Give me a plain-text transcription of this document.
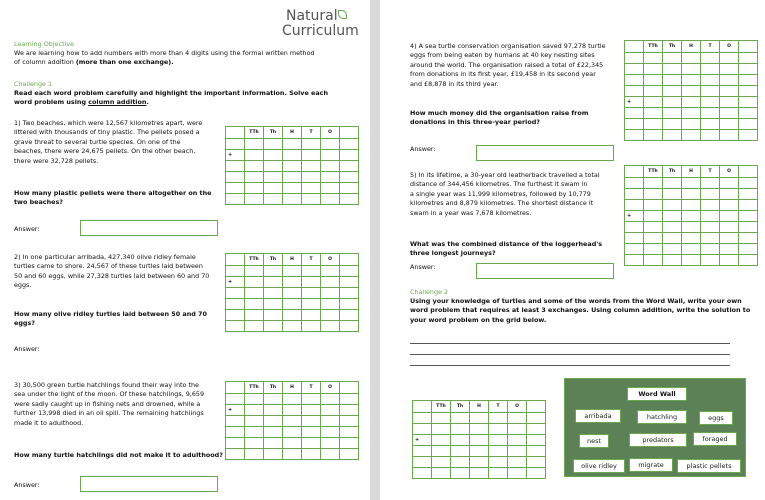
Natural
Curriculum
Learning Objective
We are learning how to add numbers with more than 4 digits using the formal written method
of column addition (more than one exchange).
Challenge 1
Read each word problem carefully and highlight the important information. Solve each
word problem using column addition.
1) Two beaches, which were 12,567 kilometres apart, were
littered with thousands of tiny plastic. The pellets posed a
grave threat to several turtle species. On one of the
beaches, there were 24,675 pellets. On the other beach,
there were 32,728 pellets.
How many plastic pellets were there altogether on the
two beaches?
Answer:
	TTh	Th	H	T	O	

+						

2) In one particular arribada, 427,340 olive ridley female
turtles came to shore. 24,567 of these turtles laid between
50 and 60 eggs, while 27,328 turtles laid between 60 and 70
eggs.
How many olive ridley turtles laid between 50 and 70
eggs?
Answer:
	TTh	Th	H	T	O	

+						

3) 30,500 green turtle hatchlings found their way into the
sea under the light of the moon. Of these hatchlings, 9,659
were sadly caught up in fishing nets and drowned, while a
further 13,998 died in an oil spill. The remaining hatchlings
made it to adulthood.
How many turtle hatchlings did not make it to adulthood?
Answer:
	TTh	Th	H	T	O	

+						

4) A sea turtle conservation organisation saved 97,278 turtle
eggs from being eaten by humans at 40 key nesting sites
around the world. The organisation raised a total of £22,345
from donations in its first year, £19,458 in its second year
and £8,878 in its third year.
How much money did the organisation raise from
donations in this three-year period?
Answer:
	TTh	Th	H	T	O	

+						

5) In its lifetime, a 30-year old leatherback travelled a total
distance of 344,456 kilometres. The furthest it swam in
a single year was 11,999 kilometres, followed by 10,779
kilometres and 8,879 kilometres. The shortest distance it
swam in a year was 7,678 kilometres.
What was the combined distance of the loggerhead's
three longest journeys?
Answer:
	TTh	Th	H	T	O	

+						

Challenge 2
Using your knowledge of turtles and some of the words from the Word Wall, write your own
word problem that requires at least 3 exchanges. Using column addition, write the solution to
your word problem on the grid below.
	TTh	Th	H	T	O	

+						

Word Wall
arribada	hatchling	eggs
nest	predators	foraged
olive ridley	migrate	plastic pellets
